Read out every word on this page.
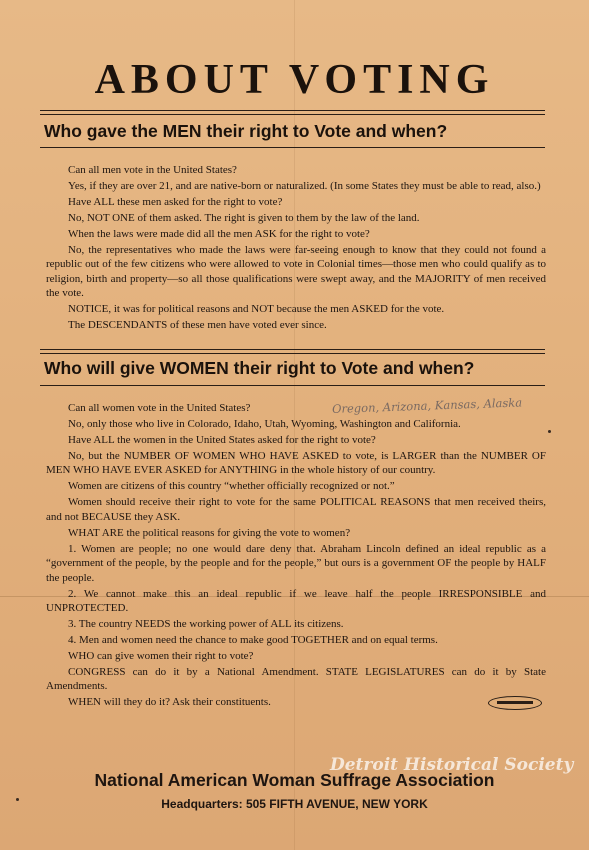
ABOUT VOTING
Who gave the MEN their right to Vote and when?

Can all men vote in the United States?

Yes, if they are over 21, and are native-born or naturalized. (In some States they must be able to read, also.)

Have ALL these men asked for the right to vote?

No, NOT ONE of them asked. The right is given to them by the law of the land.

When the laws were made did all the men ASK for the right to vote?

No, the representatives who made the laws were far-seeing enough to know that they could not found a republic out of the few citizens who were allowed to vote in Colonial times—those men who could qualify as to religion, birth and property—so all those qualifications were swept away, and the MAJORITY of men received the vote.

NOTICE, it was for political reasons and NOT because the men ASKED for the vote.

The DESCENDANTS of these men have voted ever since.

Who will give WOMEN their right to Vote and when?
Oregon, Arizona, Kansas, Alaska

Can all women vote in the United States?

No, only those who live in Colorado, Idaho, Utah, Wyoming, Washington and California.

Have ALL the women in the United States asked for the right to vote?

No, but the NUMBER OF WOMEN WHO HAVE ASKED to vote, is LARGER than the NUMBER OF MEN WHO HAVE EVER ASKED for ANYTHING in the whole history of our country.

Women are citizens of this country “whether officially recognized or not.”

Women should receive their right to vote for the same POLITICAL REASONS that men received theirs, and not BECAUSE they ASK.

WHAT ARE the political reasons for giving the vote to women?

1. Women are people; no one would dare deny that. Abraham Lincoln defined an ideal republic as a “government of the people, by the people and for the people,” but ours is a government OF the people by HALF the people.

2. We cannot make this an ideal republic if we leave half the people IRRESPONSIBLE and UNPROTECTED.

3. The country NEEDS the working power of ALL its citizens.

4. Men and women need the chance to make good TOGETHER and on equal terms.

WHO can give women their right to vote?

CONGRESS can do it by a National Amendment. STATE LEGISLATURES can do it by State Amendments.

WHEN will they do it? Ask their constituents.

Detroit Historical Society
National American Woman Suffrage Association
Headquarters: 505 FIFTH AVENUE, NEW YORK
